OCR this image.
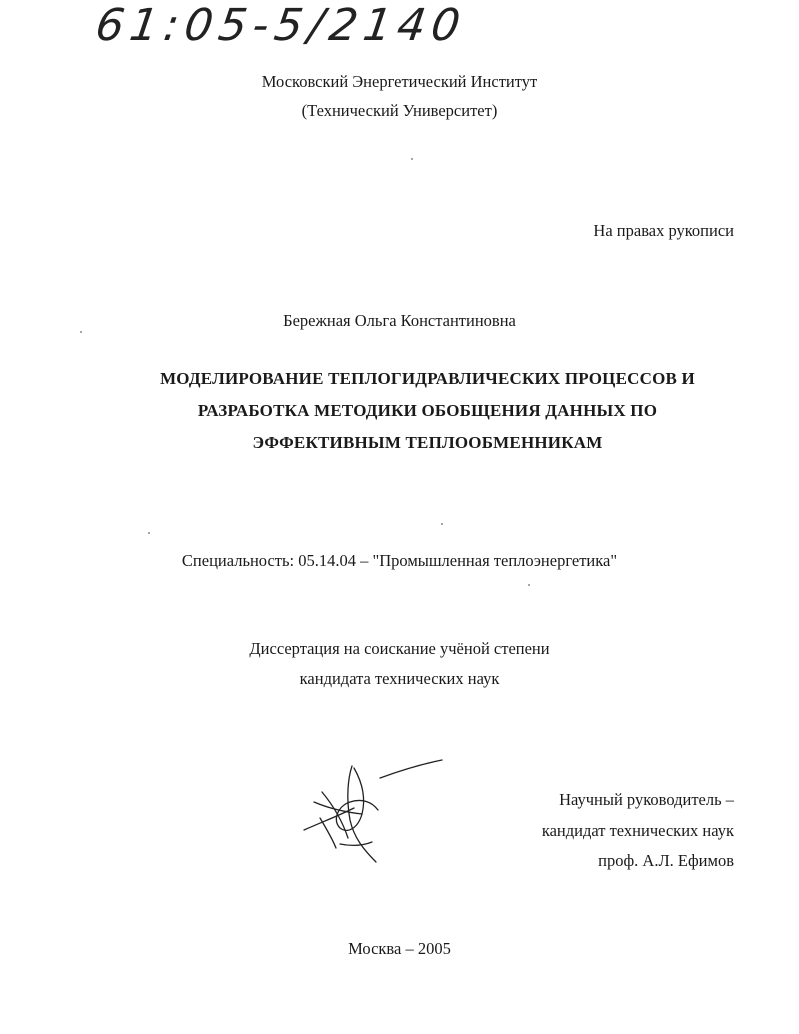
61:05-5/2140
Московский Энергетический Институт
(Технический Университет)
На правах рукописи
Бережная Ольга Константиновна
МОДЕЛИРОВАНИЕ ТЕПЛОГИДРАВЛИЧЕСКИХ ПРОЦЕССОВ И
РАЗРАБОТКА МЕТОДИКИ ОБОБЩЕНИЯ ДАННЫХ ПО
ЭФФЕКТИВНЫМ ТЕПЛООБМЕННИКАМ
Специальность: 05.14.04 – "Промышленная теплоэнергетика"
Диссертация на соискание учёной степени
кандидата технических наук
Научный руководитель –
кандидат технических наук
проф. А.Л. Ефимов
Москва – 2005
